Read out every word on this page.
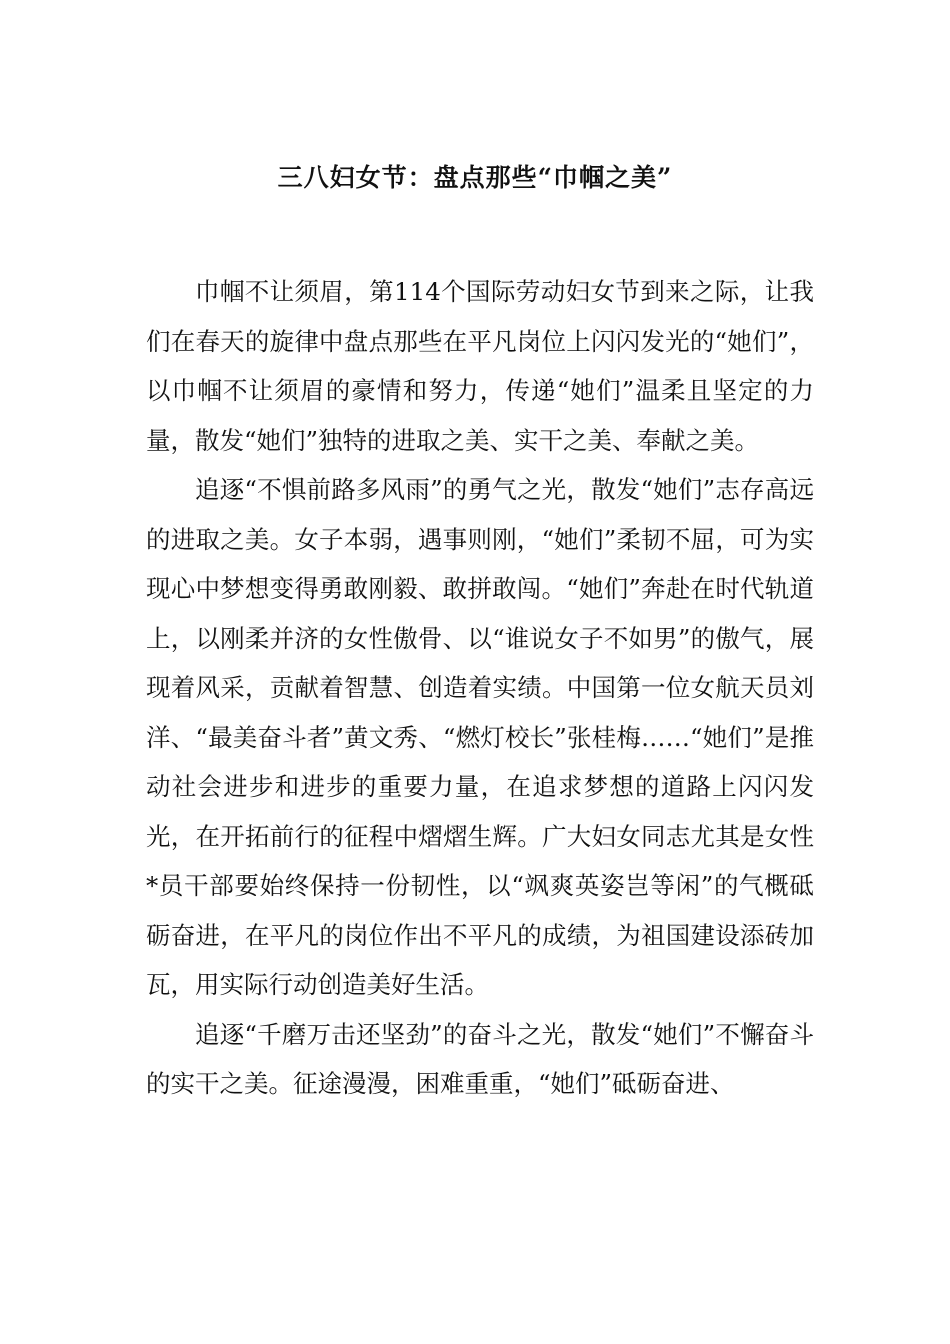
三八妇女节：盘点那些“巾帼之美”

巾帼不让须眉，第114个国际劳动妇女节到来之际，让我们在春天的旋律中盘点那些在平凡岗位上闪闪发光的“她们”，以巾帼不让须眉的豪情和努力，传递“她们”温柔且坚定的力量，散发“她们”独特的进取之美、实干之美、奉献之美。

追逐“不惧前路多风雨”的勇气之光，散发“她们”志存高远的进取之美。女子本弱，遇事则刚，“她们”柔韧不屈，可为实现心中梦想变得勇敢刚毅、敢拼敢闯。“她们”奔赴在时代轨道上，以刚柔并济的女性傲骨、以“谁说女子不如男”的傲气，展现着风采，贡献着智慧、创造着实绩。中国第一位女航天员刘洋、“最美奋斗者”黄文秀、“燃灯校长”张桂梅……“她们”是推动社会进步和进步的重要力量，在追求梦想的道路上闪闪发光，在开拓前行的征程中熠熠生辉。广大妇女同志尤其是女性*员干部要始终保持一份韧性，以“飒爽英姿岂等闲”的气概砥砺奋进，在平凡的岗位作出不平凡的成绩，为祖国建设添砖加瓦，用实际行动创造美好生活。

追逐“千磨万击还坚劲”的奋斗之光，散发“她们”不懈奋斗的实干之美。征途漫漫，困难重重，“她们”砥砺奋进、
